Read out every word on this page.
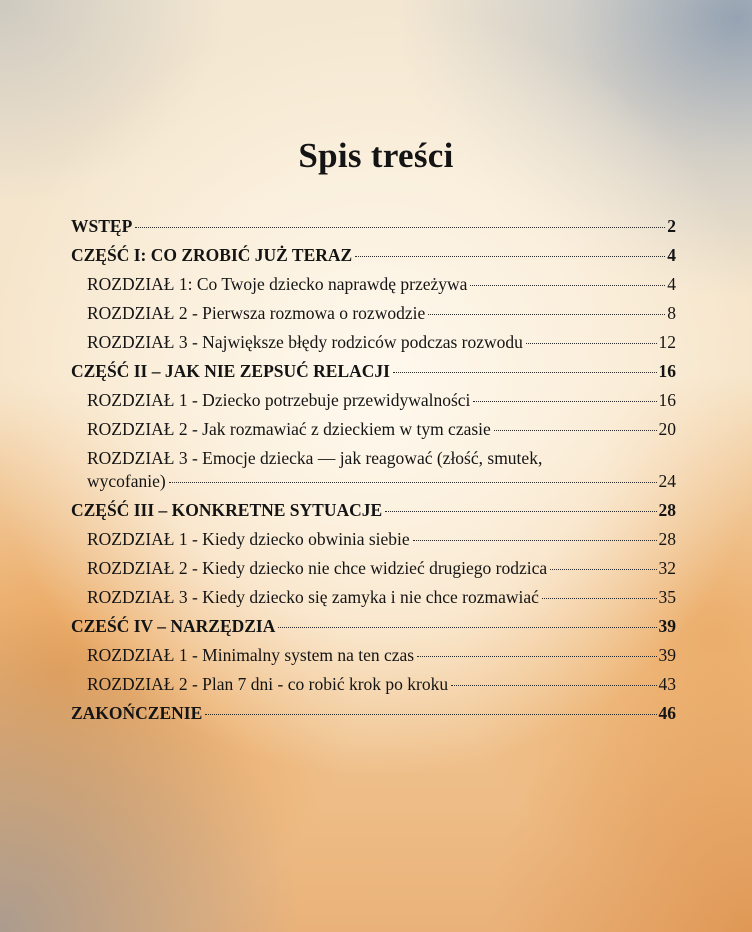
Spis treści
WSTĘP	2
CZĘŚĆ I: CO ZROBIĆ JUŻ TERAZ	4
ROZDZIAŁ 1: Co Twoje dziecko naprawdę przeżywa	4
ROZDZIAŁ 2 - Pierwsza rozmowa o rozwodzie	8
ROZDZIAŁ 3 - Największe błędy rodziców podczas rozwodu	12
CZĘŚĆ II – JAK NIE ZEPSUĆ RELACJI	16
ROZDZIAŁ 1 - Dziecko potrzebuje przewidywalności	16
ROZDZIAŁ 2 - Jak rozmawiać z dzieckiem w tym czasie	20
ROZDZIAŁ 3 - Emocje dziecka — jak reagować (złość, smutek,
wycofanie)	24
CZĘŚĆ III – KONKRETNE SYTUACJE	28
ROZDZIAŁ 1 - Kiedy dziecko obwinia siebie	28
ROZDZIAŁ 2 - Kiedy dziecko nie chce widzieć drugiego rodzica	32
ROZDZIAŁ 3 - Kiedy dziecko się zamyka i nie chce rozmawiać	35
CZEŚĆ IV – NARZĘDZIA	39
ROZDZIAŁ 1 - Minimalny system na ten czas	39
ROZDZIAŁ 2 - Plan 7 dni - co robić krok po kroku	43
ZAKOŃCZENIE	46
